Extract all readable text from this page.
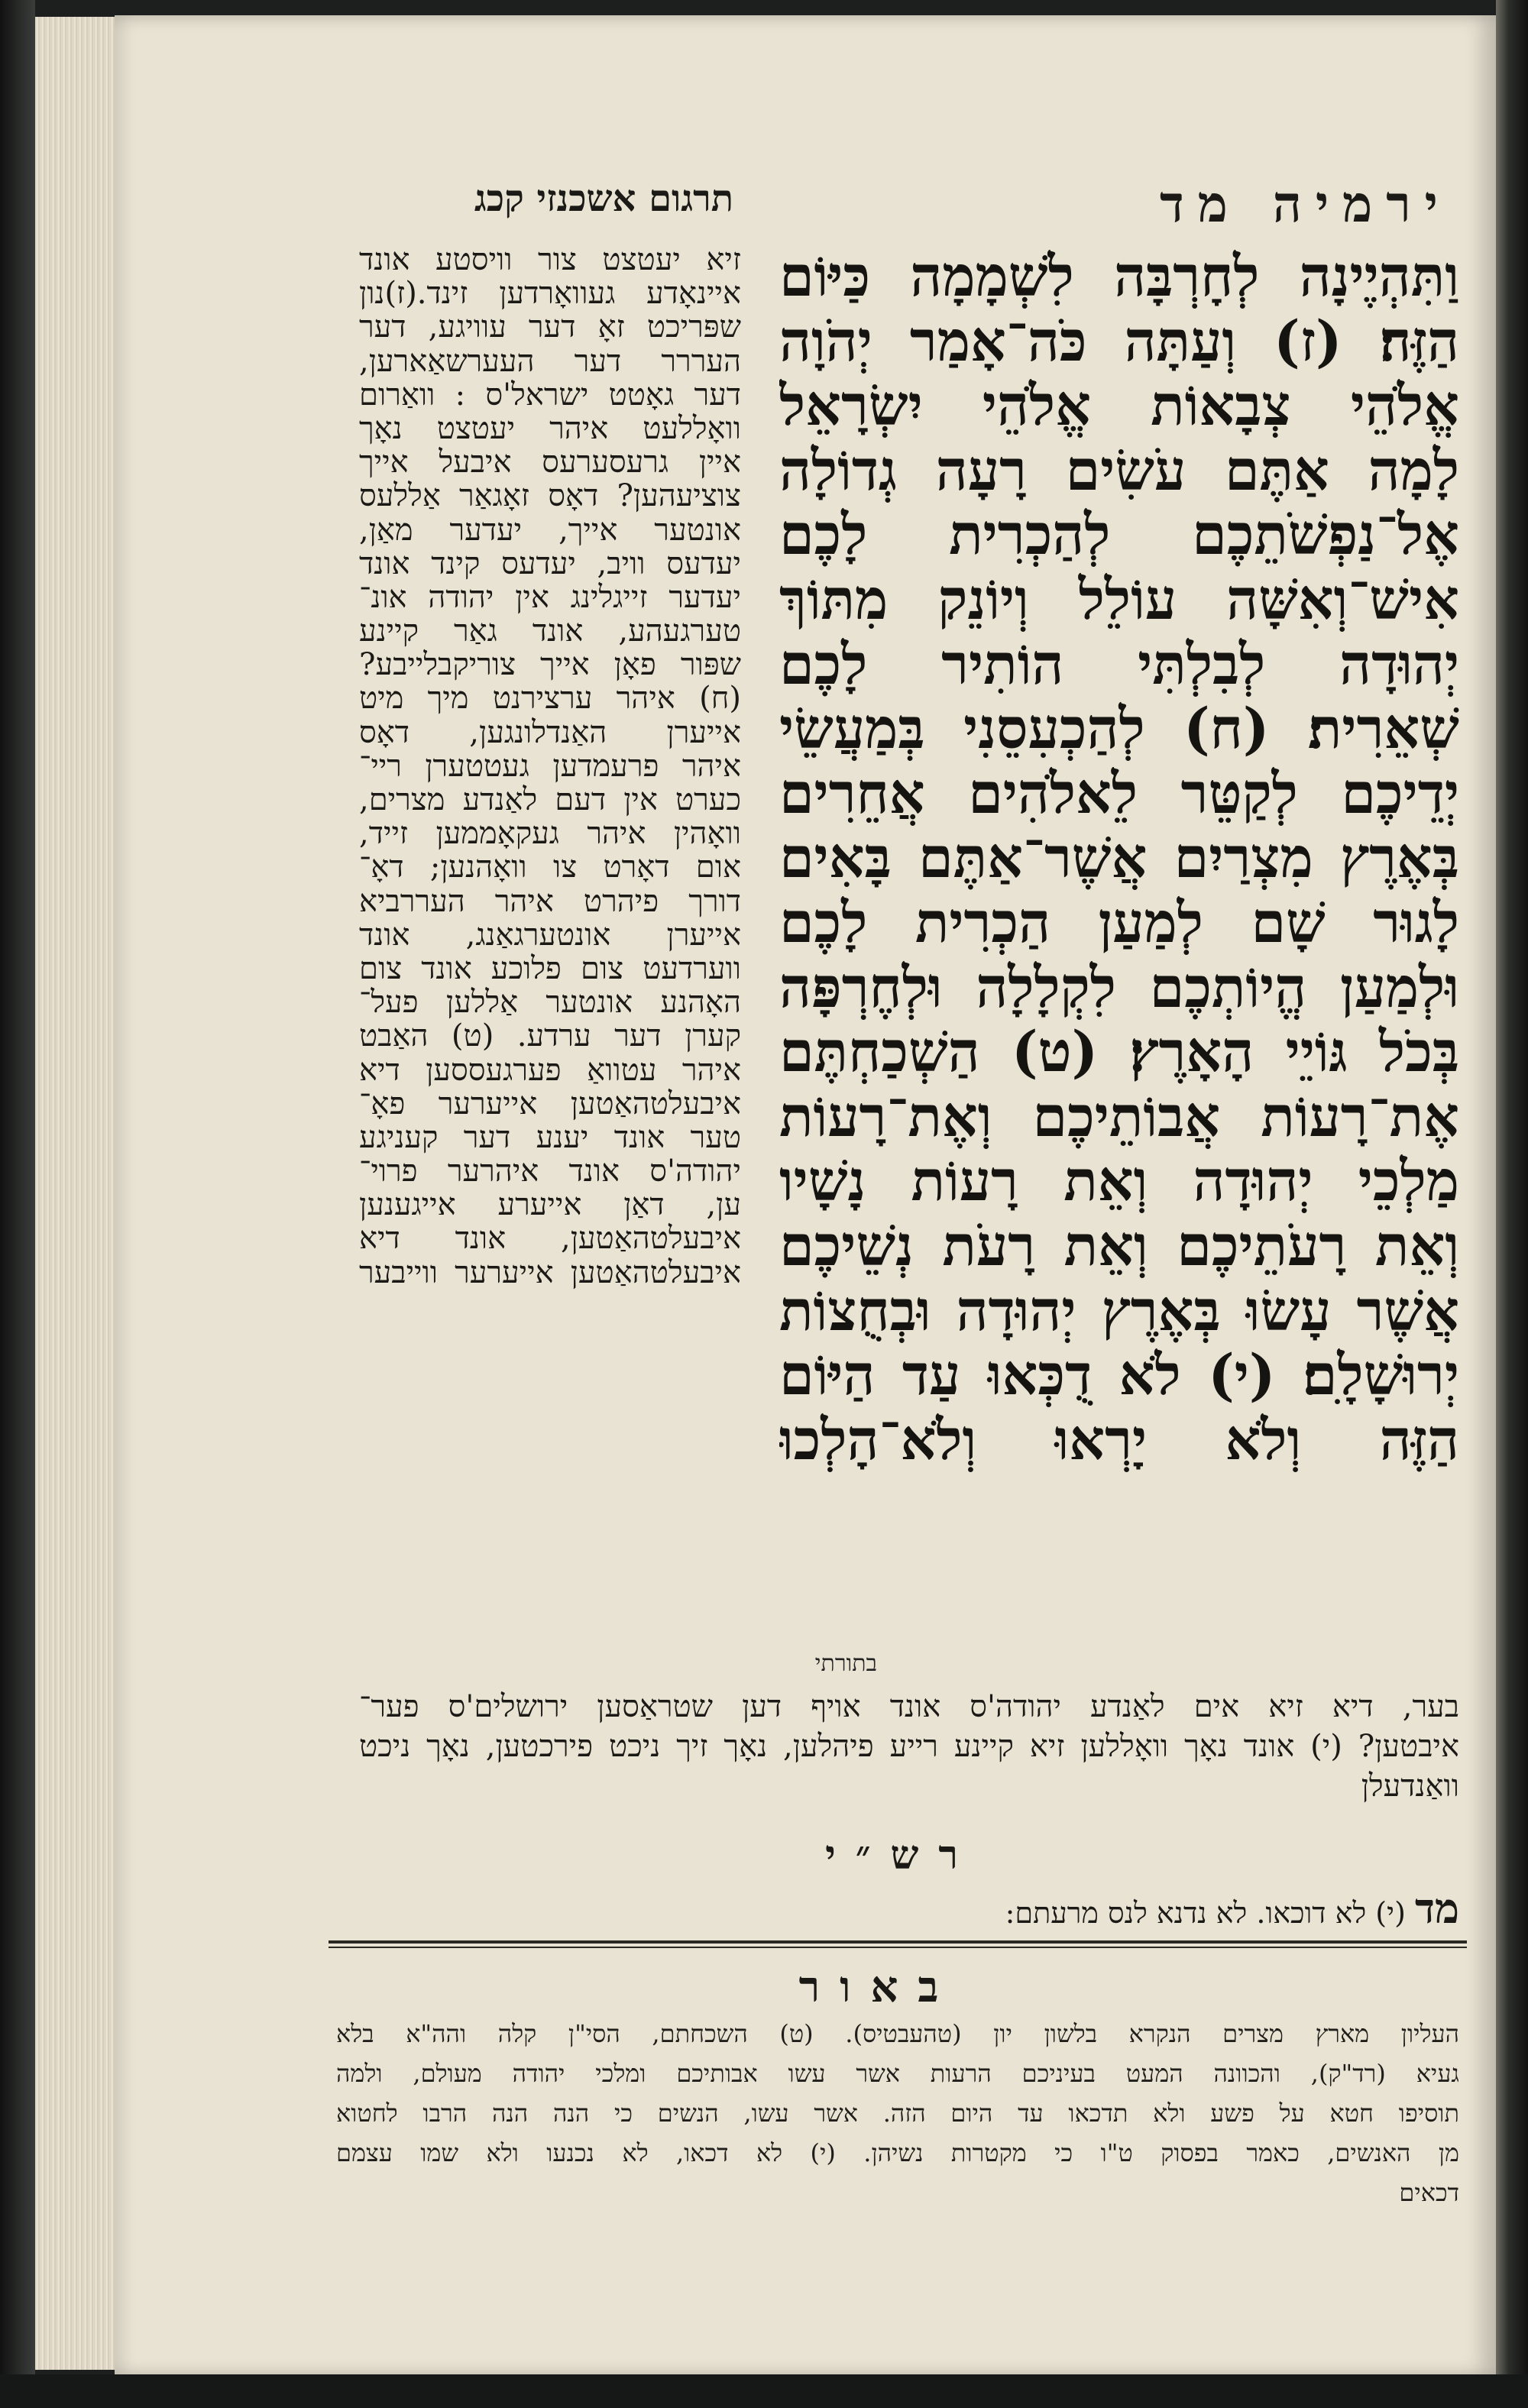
ירמיה מד
תרגום אשכנזי קכג
וַתִּהְיֶינָה לְחָרְבָּה לִשְׁמָמָה כַּיּוֹם
הַזֶּה׃ (ז) וְעַתָּה כֹּה־אָמַר יְהֹוָה
אֱלֹהֵי צְבָאוֹת אֱלֹהֵי יִשְׂרָאֵל
לָמָה אַתֶּם עֹשִׂים רָעָה גְדוֹלָה
אֶל־נַפְשֹׁתֵכֶם לְהַכְרִית לָכֶם
אִישׁ־וְאִשָּׁה עוֹלֵל וְיוֹנֵק מִתּוֹךְ
יְהוּדָה לְבִלְתִּי הוֹתִיר לָכֶם
שְׁאֵרִית׃ (ח) לְהַכְעִסֵנִי בְּמַעֲשֵׂי
יְדֵיכֶם לְקַטֵּר לֵאלֹהִים אֲחֵרִים
בְּאֶרֶץ מִצְרַיִם אֲשֶׁר־אַתֶּם בָּאִים
לָגוּר שָׁם לְמַעַן הַכְרִית לָכֶם
וּלְמַעַן הֱיוֹתְכֶם לִקְלָלָה וּלְחֶרְפָּה
בְּכֹל גּוֹיֵי הָאָרֶץ׃ (ט) הַשְׁכַחְתֶּם
אֶת־רָעוֹת אֲבוֹתֵיכֶם וְאֶת־רָעוֹת
מַלְכֵי יְהוּדָה וְאֵת רָעוֹת נָשָׁיו
וְאֵת רָעֹתֵיכֶם וְאֵת רָעֹת נְשֵׁיכֶם
אֲשֶׁר עָשׂוּ בְּאֶרֶץ יְהוּדָה וּבְחֻצוֹת
יְרוּשָׁלָ‍ִם׃ (י) לֹא דֻכְּאוּ עַד הַיּוֹם
הַזֶּה וְלֹא יָרְאוּ וְלֹא־הָלְכוּ
בתורתי
זיא יעטצט צור וויסטע אונד
איינאָדע געוואָרדען זינד.(ז)נון
שפּריכט זאָ דער עוויגע, דער
העררר דער העערשאַארען,
דער גאָטט ישראל'ס : וואַרום
וואָללעט איהר יעטצט נאָך
איין גרעסערעס איבעל אייך
צוציעהען? דאָס זאָגאַר אַללעס
אונטער אייך, יעדער מאַן,
יעדעס וויב, יעדעס קינד אונד
יעדער זייגלינג אין יהודה אונ־
טערגעהע, אונד גאַר קיינע
שפּור פאָן אייך צוריקבלייבע?
(ח) איהר ערצירנט מיך מיט
אייערן האַנדלונגען, דאָס
איהר פרעמדען געטטערן ריי־
כערט אין דעם לאַנדע מצרים,
וואָהין איהר געקאָממען זייד,
אום דאָרט צו וואָהנען; דאָ־
דורך פיהרט איהר העררביא
אייערן אונטערגאַנג, אונד
ווערדעט צום פלוכע אונד צום
האָהנע אונטער אַללען פעל־
קערן דער ערדע. (ט) האַבט
איהר עטוואַ פערגעססען דיא
איבעלטהאַטען אייערער פאָ־
טער אונד יענע דער קעניגע
יהודה'ס אונד איהרער פרוי־
ען, דאַן אייערע אייגענען
איבעלטהאַטען, אונד דיא
איבעלטהאַטען אייערער ווייבער
בער, דיא זיא אים לאַנדע יהודה'ס אונד אויף דען שטראַסען ירושלים'ס פער־
איבטען? (י) אונד נאָך וואָללען זיא קיינע רייע פיהלען, נאָך זיך ניכט פירכטען, נאָך ניכט
וואַנדעלן
רש״י
מד (י) לא דוכאו. לא נדנא לנס מרעתם:
באור
העליון מארץ מצרים הנקרא בלשון יון (טהעבטיס). (ט) השכחתם, הסי"ן קלה והה"א בלא
געיא (רד"ק), והכוונה המעט בעיניכם הרעות אשר עשו אבותיכם ומלכי יהודה מעולם, ולמה
תוסיפו חטא על פשע ולא תדכאו עד היום הזה. אשר עשו, הנשים כי הנה הנה הרבו לחטוא
מן האנשים, כאמר בפסוק ט"ו כי מקטרות נשיהן. (י) לא דכאו, לא נכנעו ולא שמו עצמם
דכאים
